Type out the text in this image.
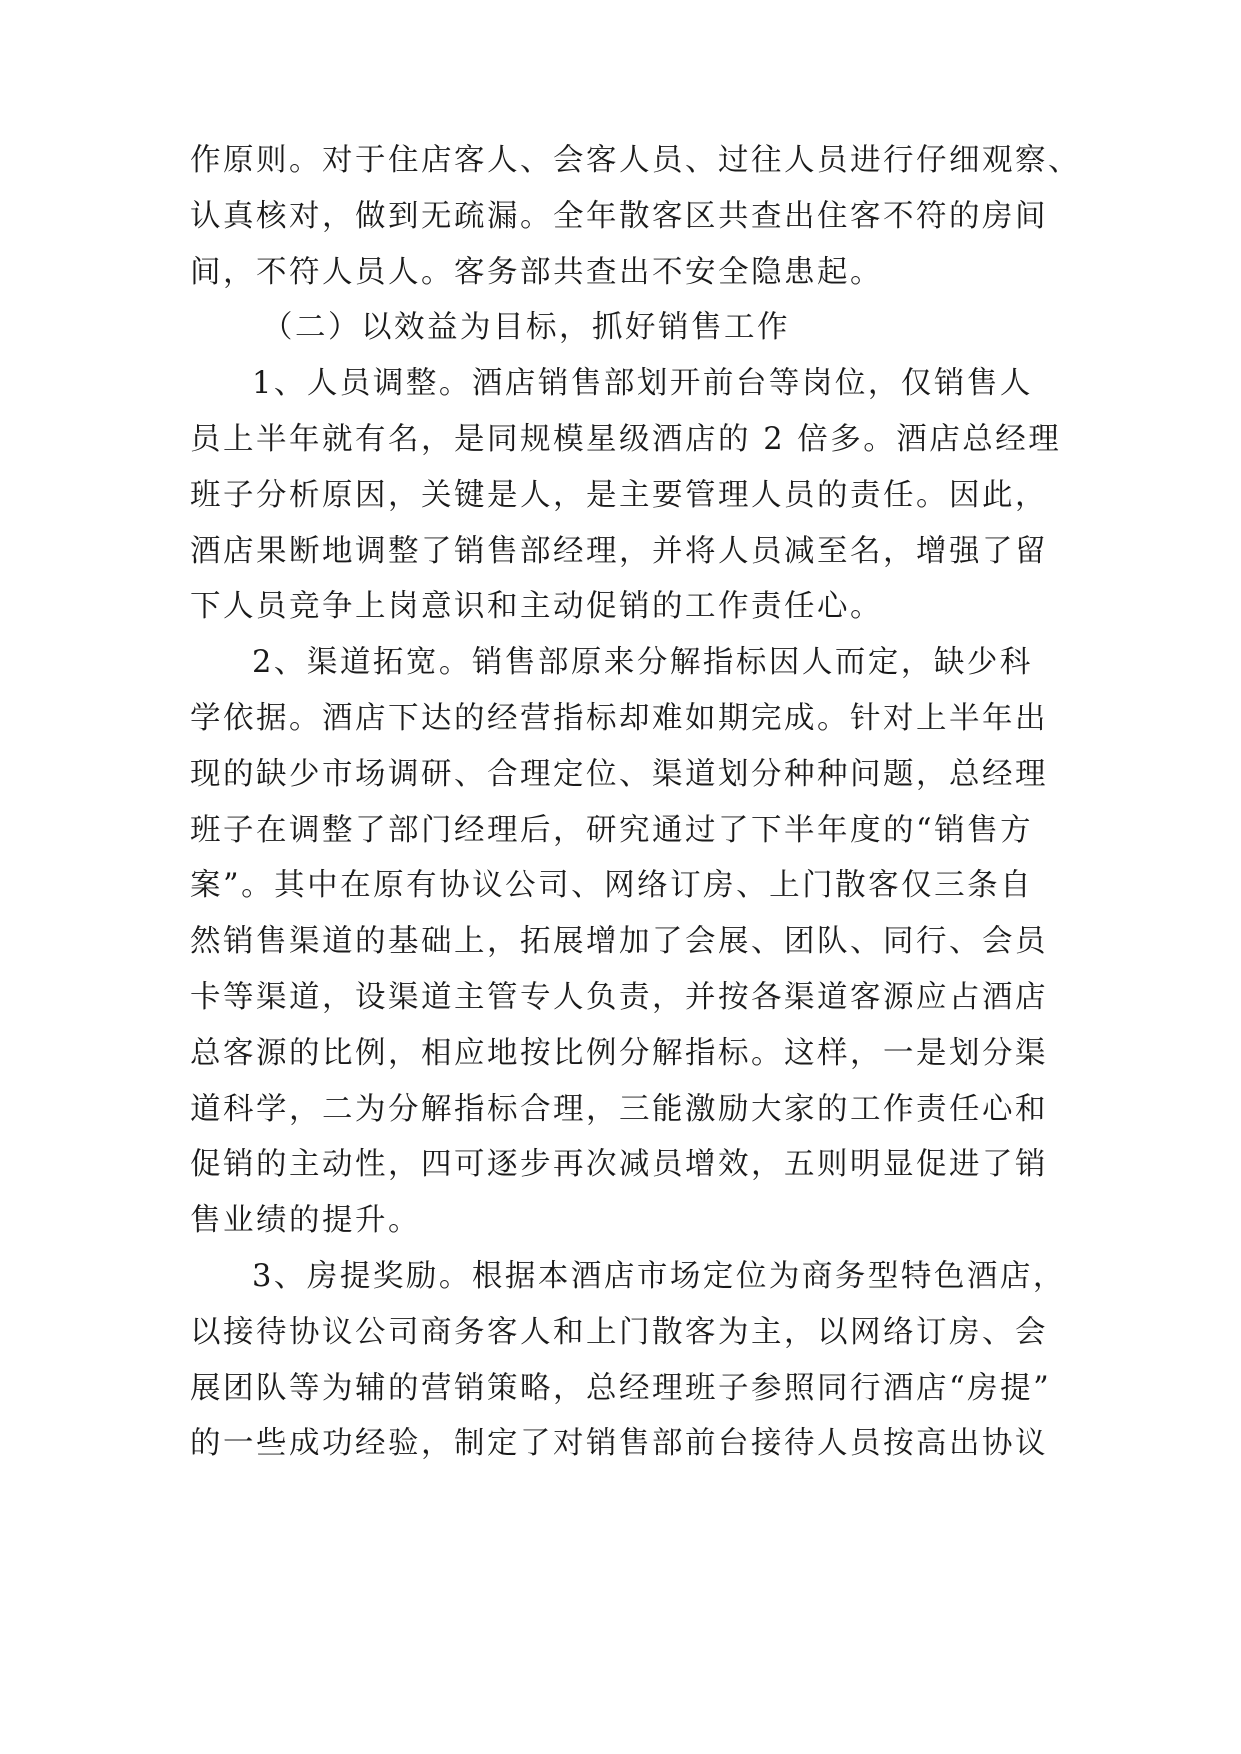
作原则。对于住店客人、会客人员、过往人员进行仔细观察、
认真核对，做到无疏漏。全年散客区共查出住客不符的房间
间，不符人员人。客务部共查出不安全隐患起。
（二）以效益为目标，抓好销售工作
1、人员调整。酒店销售部划开前台等岗位，仅销售人
员上半年就有名，是同规模星级酒店的 2 倍多。酒店总经理
班子分析原因，关键是人，是主要管理人员的责任。因此，
酒店果断地调整了销售部经理，并将人员减至名，增强了留
下人员竞争上岗意识和主动促销的工作责任心。
2、渠道拓宽。销售部原来分解指标因人而定，缺少科
学依据。酒店下达的经营指标却难如期完成。针对上半年出
现的缺少市场调研、合理定位、渠道划分种种问题，总经理
班子在调整了部门经理后，研究通过了下半年度的“销售方
案”。其中在原有协议公司、网络订房、上门散客仅三条自
然销售渠道的基础上，拓展增加了会展、团队、同行、会员
卡等渠道，设渠道主管专人负责，并按各渠道客源应占酒店
总客源的比例，相应地按比例分解指标。这样，一是划分渠
道科学，二为分解指标合理，三能激励大家的工作责任心和
促销的主动性，四可逐步再次减员增效，五则明显促进了销
售业绩的提升。
3、房提奖励。根据本酒店市场定位为商务型特色酒店，
以接待协议公司商务客人和上门散客为主，以网络订房、会
展团队等为辅的营销策略，总经理班子参照同行酒店“房提”
的一些成功经验，制定了对销售部前台接待人员按高出协议
